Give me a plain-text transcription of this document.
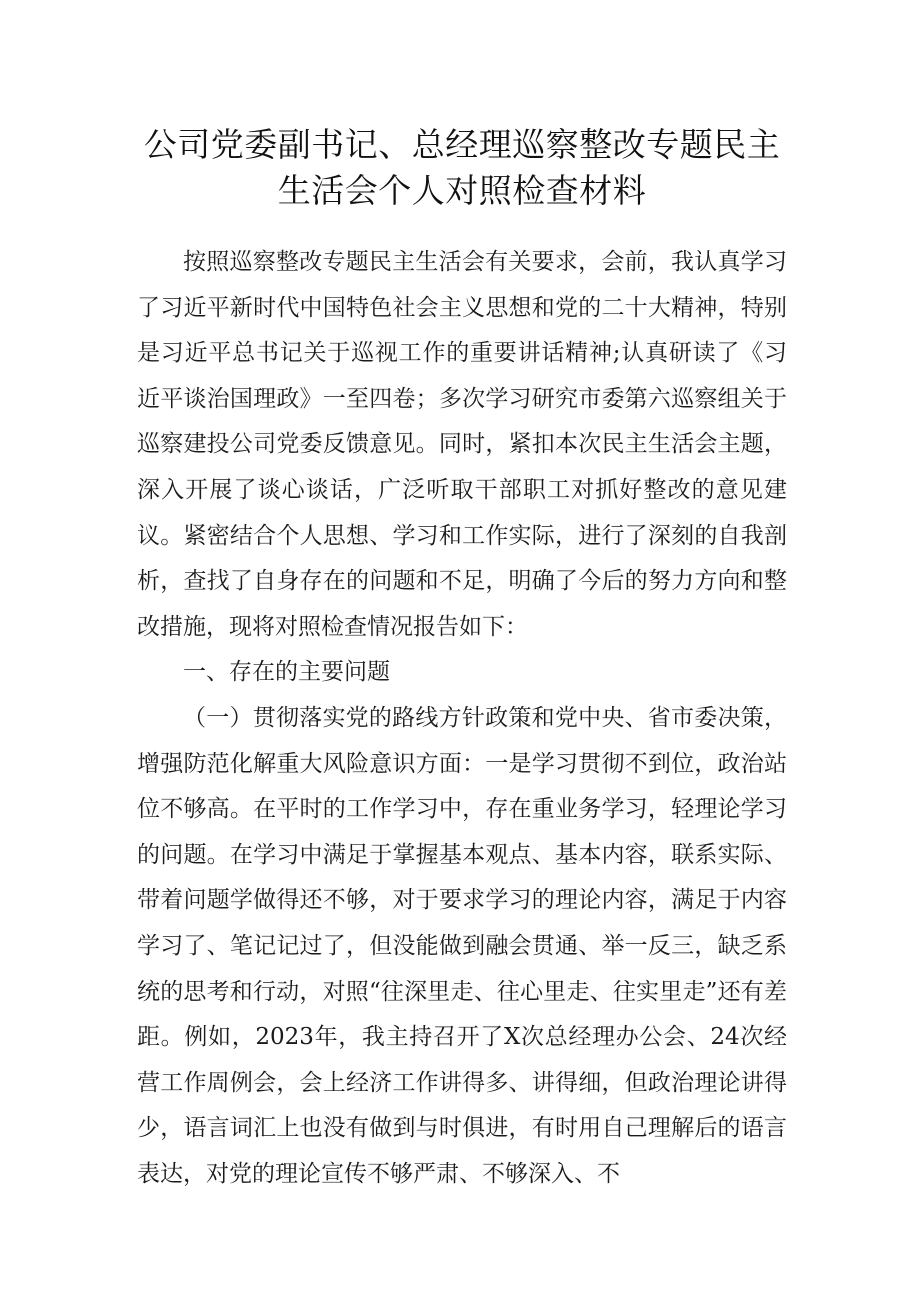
公司党委副书记、总经理巡察整改专题民主
生活会个人对照检查材料

按照巡察整改专题民主生活会有关要求，会前，我认真学习了习近平新时代中国特色社会主义思想和党的二十大精神，特别是习近平总书记关于巡视工作的重要讲话精神;认真研读了《习近平谈治国理政》一至四卷；多次学习研究市委第六巡察组关于巡察建投公司党委反馈意见。同时，紧扣本次民主生活会主题，深入开展了谈心谈话，广泛听取干部职工对抓好整改的意见建议。紧密结合个人思想、学习和工作实际，进行了深刻的自我剖析，查找了自身存在的问题和不足，明确了今后的努力方向和整改措施，现将对照检查情况报告如下：

一、存在的主要问题

（一）贯彻落实党的路线方针政策和党中央、省市委决策，增强防范化解重大风险意识方面：一是学习贯彻不到位，政治站位不够高。在平时的工作学习中，存在重业务学习，轻理论学习的问题。在学习中满足于掌握基本观点、基本内容，联系实际、带着问题学做得还不够，对于要求学习的理论内容，满足于内容学习了、笔记记过了，但没能做到融会贯通、举一反三，缺乏系统的思考和行动，对照“往深里走、往心里走、往实里走”还有差距。例如，2023年，我主持召开了X次总经理办公会、24次经营工作周例会，会上经济工作讲得多、讲得细，但政治理论讲得少，语言词汇上也没有做到与时俱进，有时用自己理解后的语言表达，对党的理论宣传不够严肃、不够深入、不
